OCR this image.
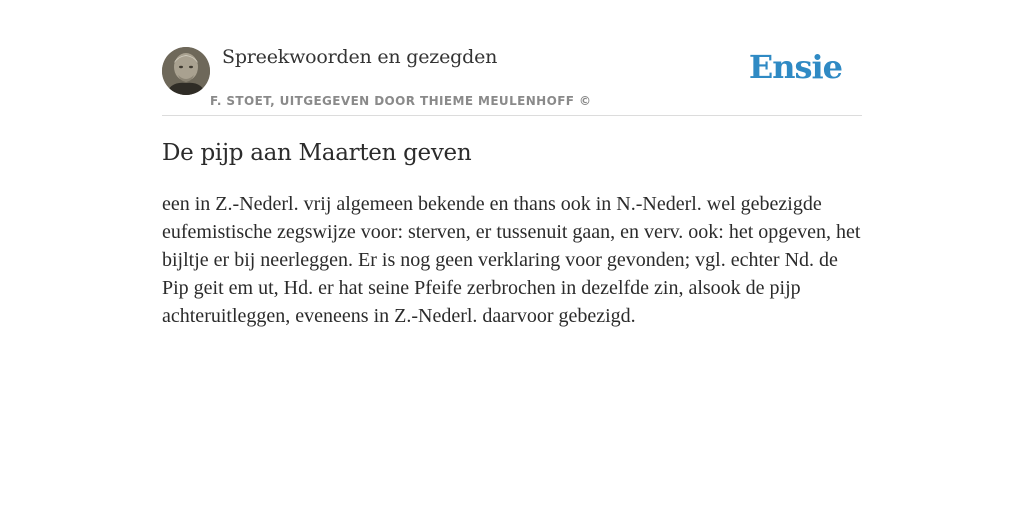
Spreekwoorden en gezegden
F. STOET, UITGEGEVEN DOOR THIEME MEULENHOFF ©
Ensie
De pijp aan Maarten geven

een in Z.-Nederl. vrij algemeen bekende en thans ook in N.-Nederl. wel gebezigde eufemistische zegswijze voor: sterven, er tussenuit gaan, en verv. ook: het opgeven, het bijltje er bij neerleggen. Er is nog geen verklaring voor gevonden; vgl. echter Nd. de Pip geit em ut, Hd. er hat seine Pfeife zerbrochen in dezelfde zin, alsook de pijp achteruitleggen, eveneens in Z.-Nederl. daarvoor gebezigd.
